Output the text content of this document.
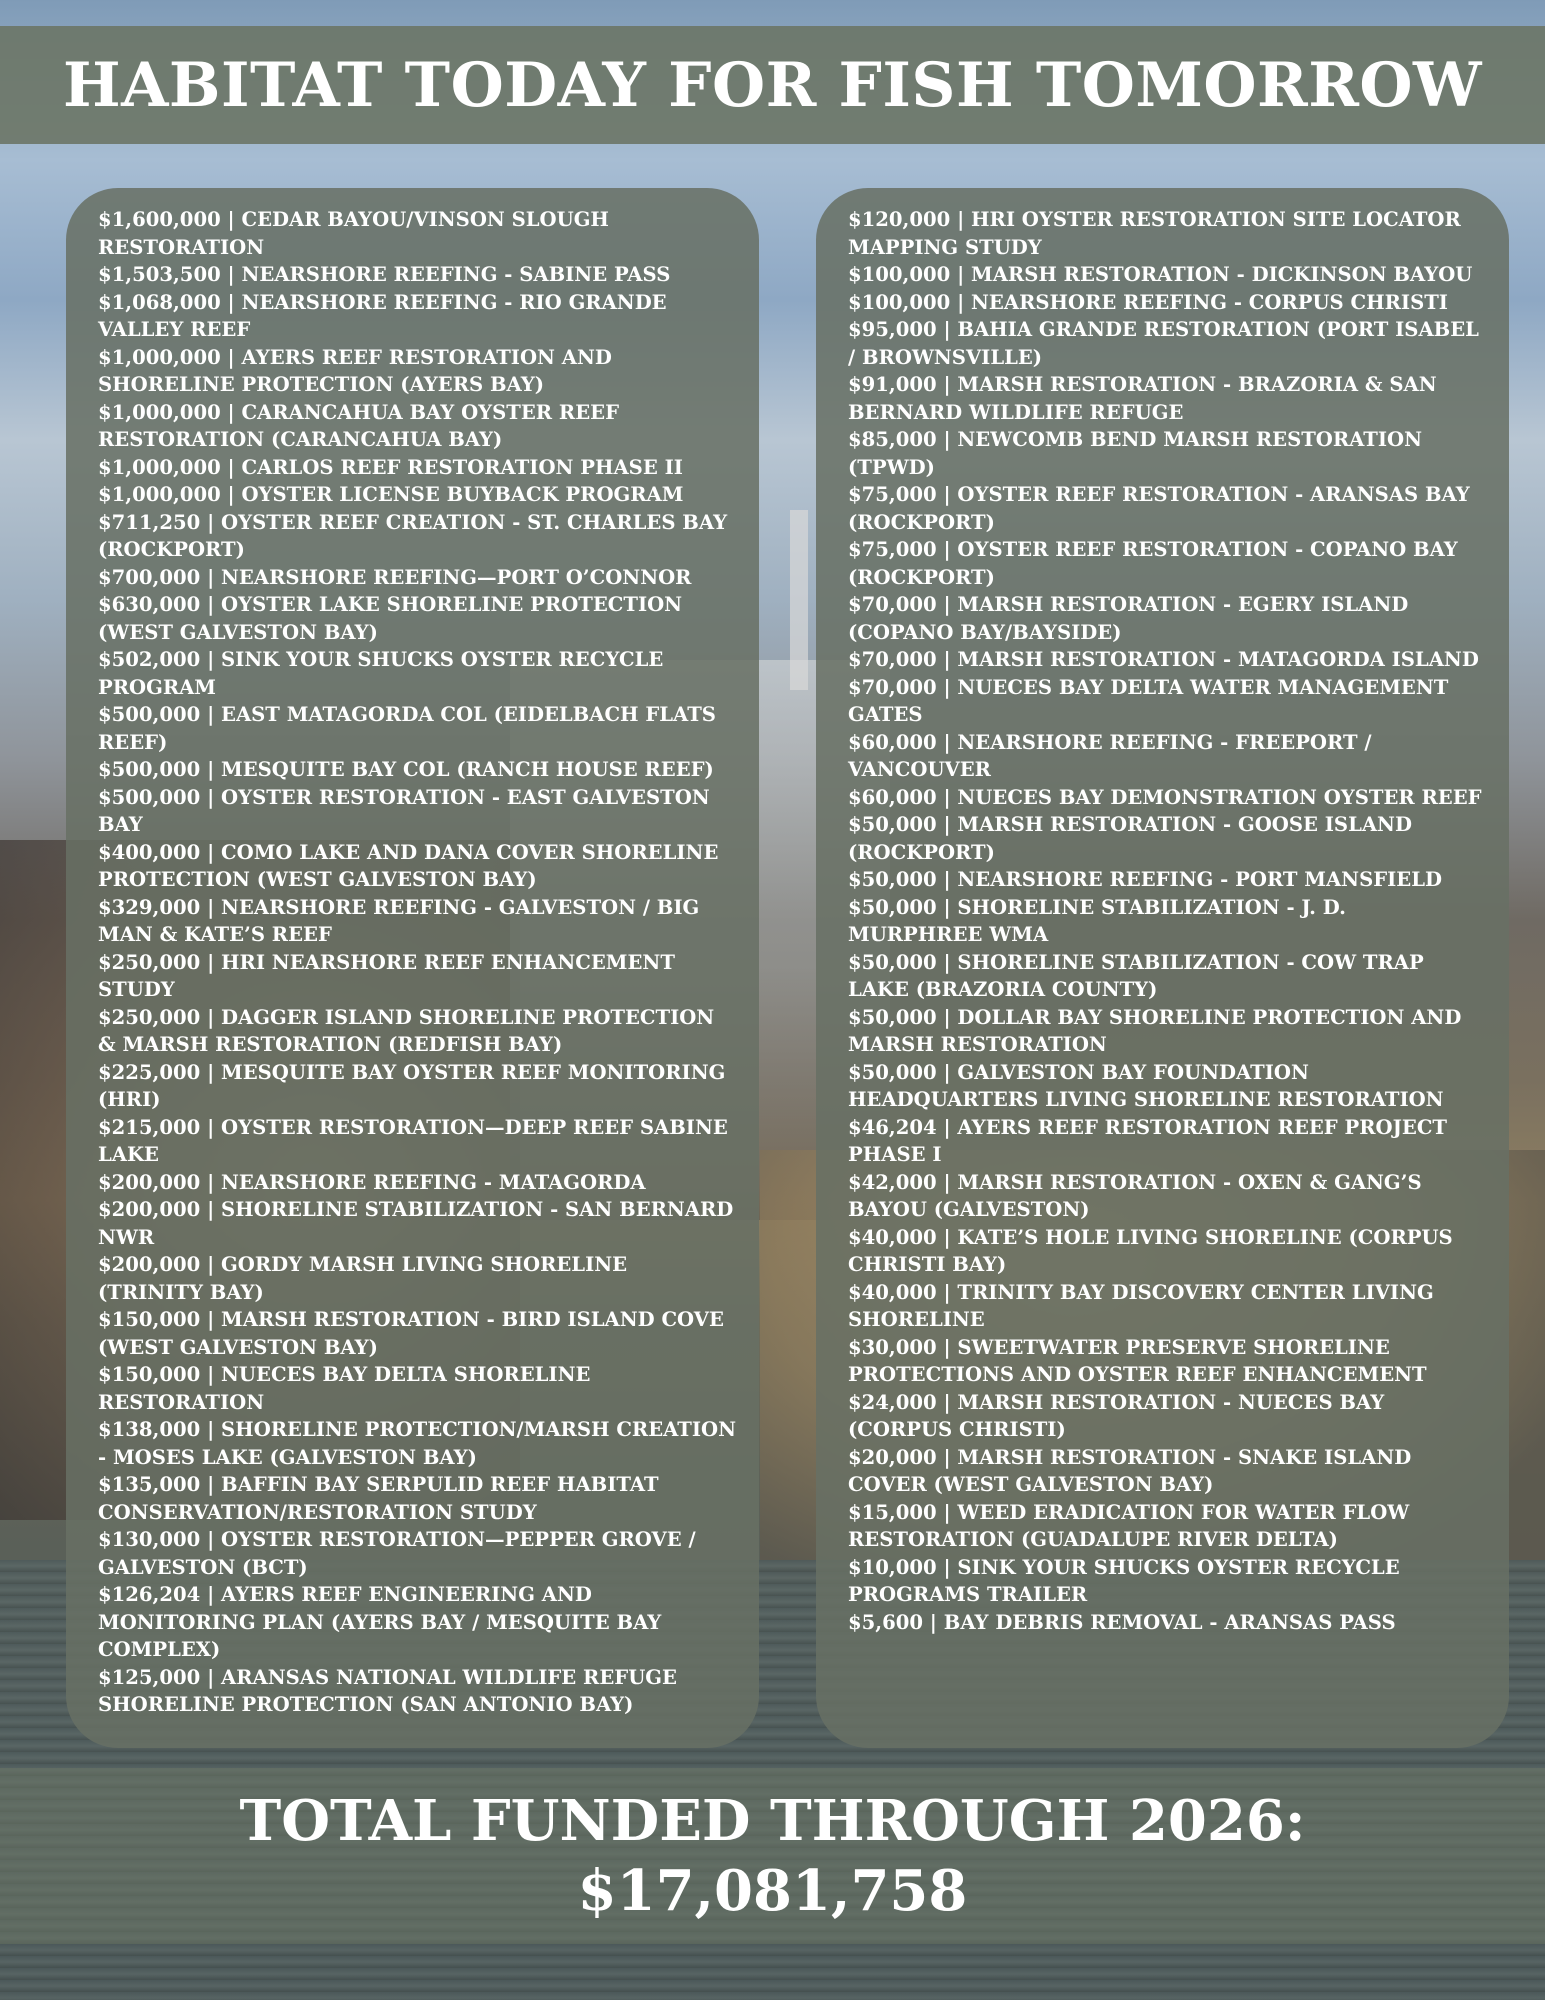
HABITAT TODAY FOR FISH TOMORROW

$1,600,000 | CEDAR BAYOU/VINSON SLOUGH RESTORATION

$1,503,500 | NEARSHORE REEFING - SABINE PASS

$1,068,000 | NEARSHORE REEFING - RIO GRANDE VALLEY REEF

$1,000,000 | AYERS REEF RESTORATION AND SHORELINE PROTECTION (AYERS BAY)

$1,000,000 | CARANCAHUA BAY OYSTER REEF RESTORATION (CARANCAHUA BAY)

$1,000,000 | CARLOS REEF RESTORATION PHASE II

$1,000,000 | OYSTER LICENSE BUYBACK PROGRAM

$711,250 | OYSTER REEF CREATION - ST. CHARLES BAY (ROCKPORT)

$700,000 | NEARSHORE REEFING—PORT O’CONNOR

$630,000 | OYSTER LAKE SHORELINE PROTECTION (WEST GALVESTON BAY)

$502,000 | SINK YOUR SHUCKS OYSTER RECYCLE PROGRAM

$500,000 | EAST MATAGORDA COL (EIDELBACH FLATS REEF)

$500,000 | MESQUITE BAY COL (RANCH HOUSE REEF)

$500,000 | OYSTER RESTORATION - EAST GALVESTON BAY

$400,000 | COMO LAKE AND DANA COVER SHORELINE PROTECTION (WEST GALVESTON BAY)

$329,000 | NEARSHORE REEFING - GALVESTON / BIG MAN & KATE’S REEF

$250,000 | HRI NEARSHORE REEF ENHANCEMENT STUDY

$250,000 | DAGGER ISLAND SHORELINE PROTECTION & MARSH RESTORATION (REDFISH BAY)

$225,000 | MESQUITE BAY OYSTER REEF MONITORING (HRI)

$215,000 | OYSTER RESTORATION—DEEP REEF SABINE LAKE

$200,000 | NEARSHORE REEFING - MATAGORDA

$200,000 | SHORELINE STABILIZATION - SAN BERNARD NWR

$200,000 | GORDY MARSH LIVING SHORELINE (TRINITY BAY)

$150,000 | MARSH RESTORATION - BIRD ISLAND COVE (WEST GALVESTON BAY)

$150,000 | NUECES BAY DELTA SHORELINE RESTORATION

$138,000 | SHORELINE PROTECTION/MARSH CREATION - MOSES LAKE (GALVESTON BAY)

$135,000 | BAFFIN BAY SERPULID REEF HABITAT CONSERVATION/RESTORATION STUDY

$130,000 | OYSTER RESTORATION—PEPPER GROVE / GALVESTON (BCT)

$126,204 | AYERS REEF ENGINEERING AND MONITORING PLAN (AYERS BAY / MESQUITE BAY COMPLEX)

$125,000 | ARANSAS NATIONAL WILDLIFE REFUGE SHORELINE PROTECTION (SAN ANTONIO BAY)

$120,000 | HRI OYSTER RESTORATION SITE LOCATOR MAPPING STUDY

$100,000 | MARSH RESTORATION - DICKINSON BAYOU

$100,000 | NEARSHORE REEFING - CORPUS CHRISTI

$95,000 | BAHIA GRANDE RESTORATION (PORT ISABEL / BROWNSVILLE)

$91,000 | MARSH RESTORATION - BRAZORIA & SAN BERNARD WILDLIFE REFUGE

$85,000 | NEWCOMB BEND MARSH RESTORATION (TPWD)

$75,000 | OYSTER REEF RESTORATION - ARANSAS BAY (ROCKPORT)

$75,000 | OYSTER REEF RESTORATION - COPANO BAY (ROCKPORT)

$70,000 | MARSH RESTORATION - EGERY ISLAND (COPANO BAY/BAYSIDE)

$70,000 | MARSH RESTORATION - MATAGORDA ISLAND

$70,000 | NUECES BAY DELTA WATER MANAGEMENT GATES

$60,000 | NEARSHORE REEFING - FREEPORT / VANCOUVER

$60,000 | NUECES BAY DEMONSTRATION OYSTER REEF

$50,000 | MARSH RESTORATION - GOOSE ISLAND (ROCKPORT)

$50,000 | NEARSHORE REEFING - PORT MANSFIELD

$50,000 | SHORELINE STABILIZATION - J. D. MURPHREE WMA

$50,000 | SHORELINE STABILIZATION - COW TRAP LAKE (BRAZORIA COUNTY)

$50,000 | DOLLAR BAY SHORELINE PROTECTION AND MARSH RESTORATION

$50,000 | GALVESTON BAY FOUNDATION HEADQUARTERS LIVING SHORELINE RESTORATION

$46,204 | AYERS REEF RESTORATION REEF PROJECT PHASE I

$42,000 | MARSH RESTORATION - OXEN & GANG’S BAYOU (GALVESTON)

$40,000 | KATE’S HOLE LIVING SHORELINE (CORPUS CHRISTI BAY)

$40,000 | TRINITY BAY DISCOVERY CENTER LIVING SHORELINE

$30,000 | SWEETWATER PRESERVE SHORELINE PROTECTIONS AND OYSTER REEF ENHANCEMENT

$24,000 | MARSH RESTORATION - NUECES BAY (CORPUS CHRISTI)

$20,000 | MARSH RESTORATION - SNAKE ISLAND COVER (WEST GALVESTON BAY)

$15,000 | WEED ERADICATION FOR WATER FLOW RESTORATION (GUADALUPE RIVER DELTA)

$10,000 | SINK YOUR SHUCKS OYSTER RECYCLE PROGRAMS TRAILER

$5,600 | BAY DEBRIS REMOVAL - ARANSAS PASS

TOTAL FUNDED THROUGH 2026:

$17,081,758
